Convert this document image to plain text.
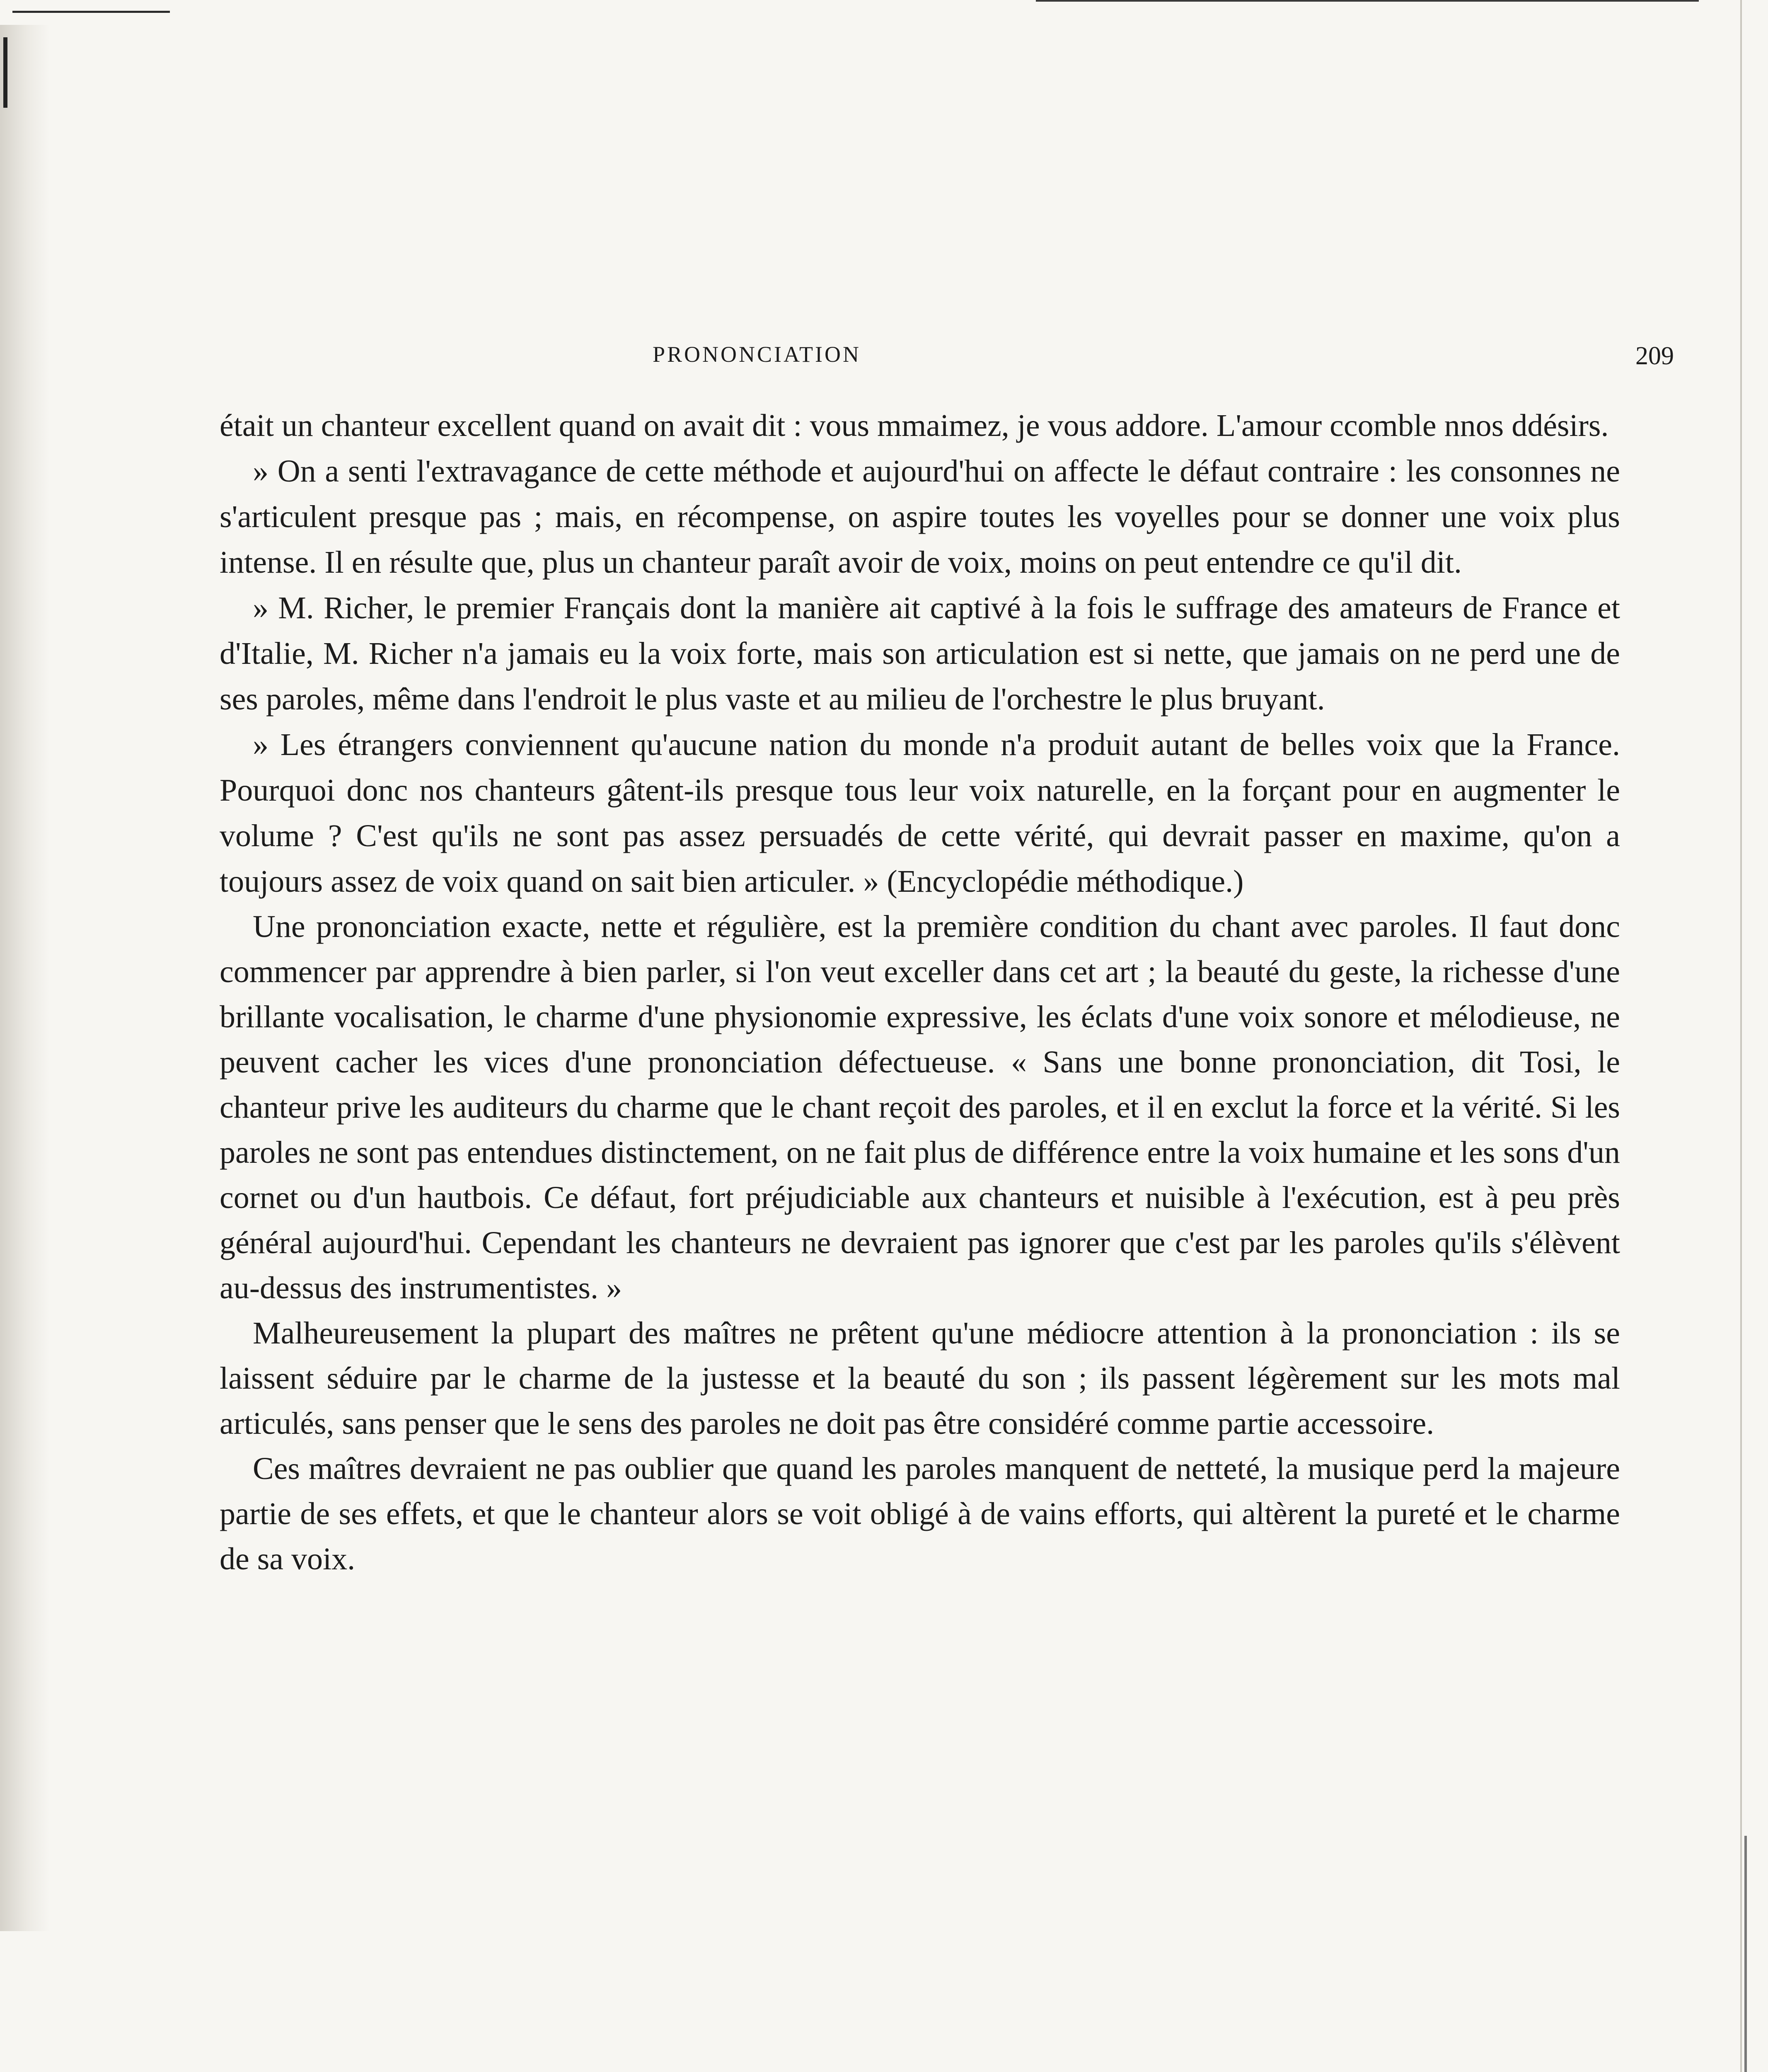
PRONONCIATION	209

était un chanteur excellent quand on avait dit : vous mmaimez, je vous addore. L'amour ccomble nnos ddésirs.

» On a senti l'extravagance de cette méthode et aujourd'hui on affecte le défaut contraire : les consonnes ne s'articulent presque pas ; mais, en récompense, on aspire toutes les voyelles pour se donner une voix plus intense. Il en résulte que, plus un chanteur paraît avoir de voix, moins on peut entendre ce qu'il dit.

» M. Richer, le premier Français dont la manière ait captivé à la fois le suffrage des amateurs de France et d'Italie, M. Richer n'a jamais eu la voix forte, mais son articulation est si nette, que jamais on ne perd une de ses paroles, même dans l'endroit le plus vaste et au milieu de l'orchestre le plus bruyant.

» Les étrangers conviennent qu'aucune nation du monde n'a produit autant de belles voix que la France. Pourquoi donc nos chanteurs gâtent-ils presque tous leur voix naturelle, en la forçant pour en augmenter le volume ? C'est qu'ils ne sont pas assez persuadés de cette vérité, qui devrait passer en maxime, qu'on a toujours assez de voix quand on sait bien articuler. » (Encyclopédie méthodique.)

Une prononciation exacte, nette et régulière, est la première condition du chant avec paroles. Il faut donc commencer par apprendre à bien parler, si l'on veut exceller dans cet art ; la beauté du geste, la richesse d'une brillante vocalisation, le charme d'une physionomie expressive, les éclats d'une voix sonore et mélodieuse, ne peuvent cacher les vices d'une prononciation défectueuse. « Sans une bonne prononciation, dit Tosi, le chanteur prive les auditeurs du charme que le chant reçoit des paroles, et il en exclut la force et la vérité. Si les paroles ne sont pas entendues distinctement, on ne fait plus de différence entre la voix humaine et les sons d'un cornet ou d'un hautbois. Ce défaut, fort préjudiciable aux chanteurs et nuisible à l'exécution, est à peu près général aujourd'hui. Cependant les chanteurs ne devraient pas ignorer que c'est par les paroles qu'ils s'élèvent au-dessus des instrumentistes. »

Malheureusement la plupart des maîtres ne prêtent qu'une médiocre attention à la prononciation : ils se laissent séduire par le charme de la justesse et la beauté du son ; ils passent légèrement sur les mots mal articulés, sans penser que le sens des paroles ne doit pas être considéré comme partie accessoire.

Ces maîtres devraient ne pas oublier que quand les paroles manquent de netteté, la musique perd la majeure partie de ses effets, et que le chanteur alors se voit obligé à de vains efforts, qui altèrent la pureté et le charme de sa voix.
